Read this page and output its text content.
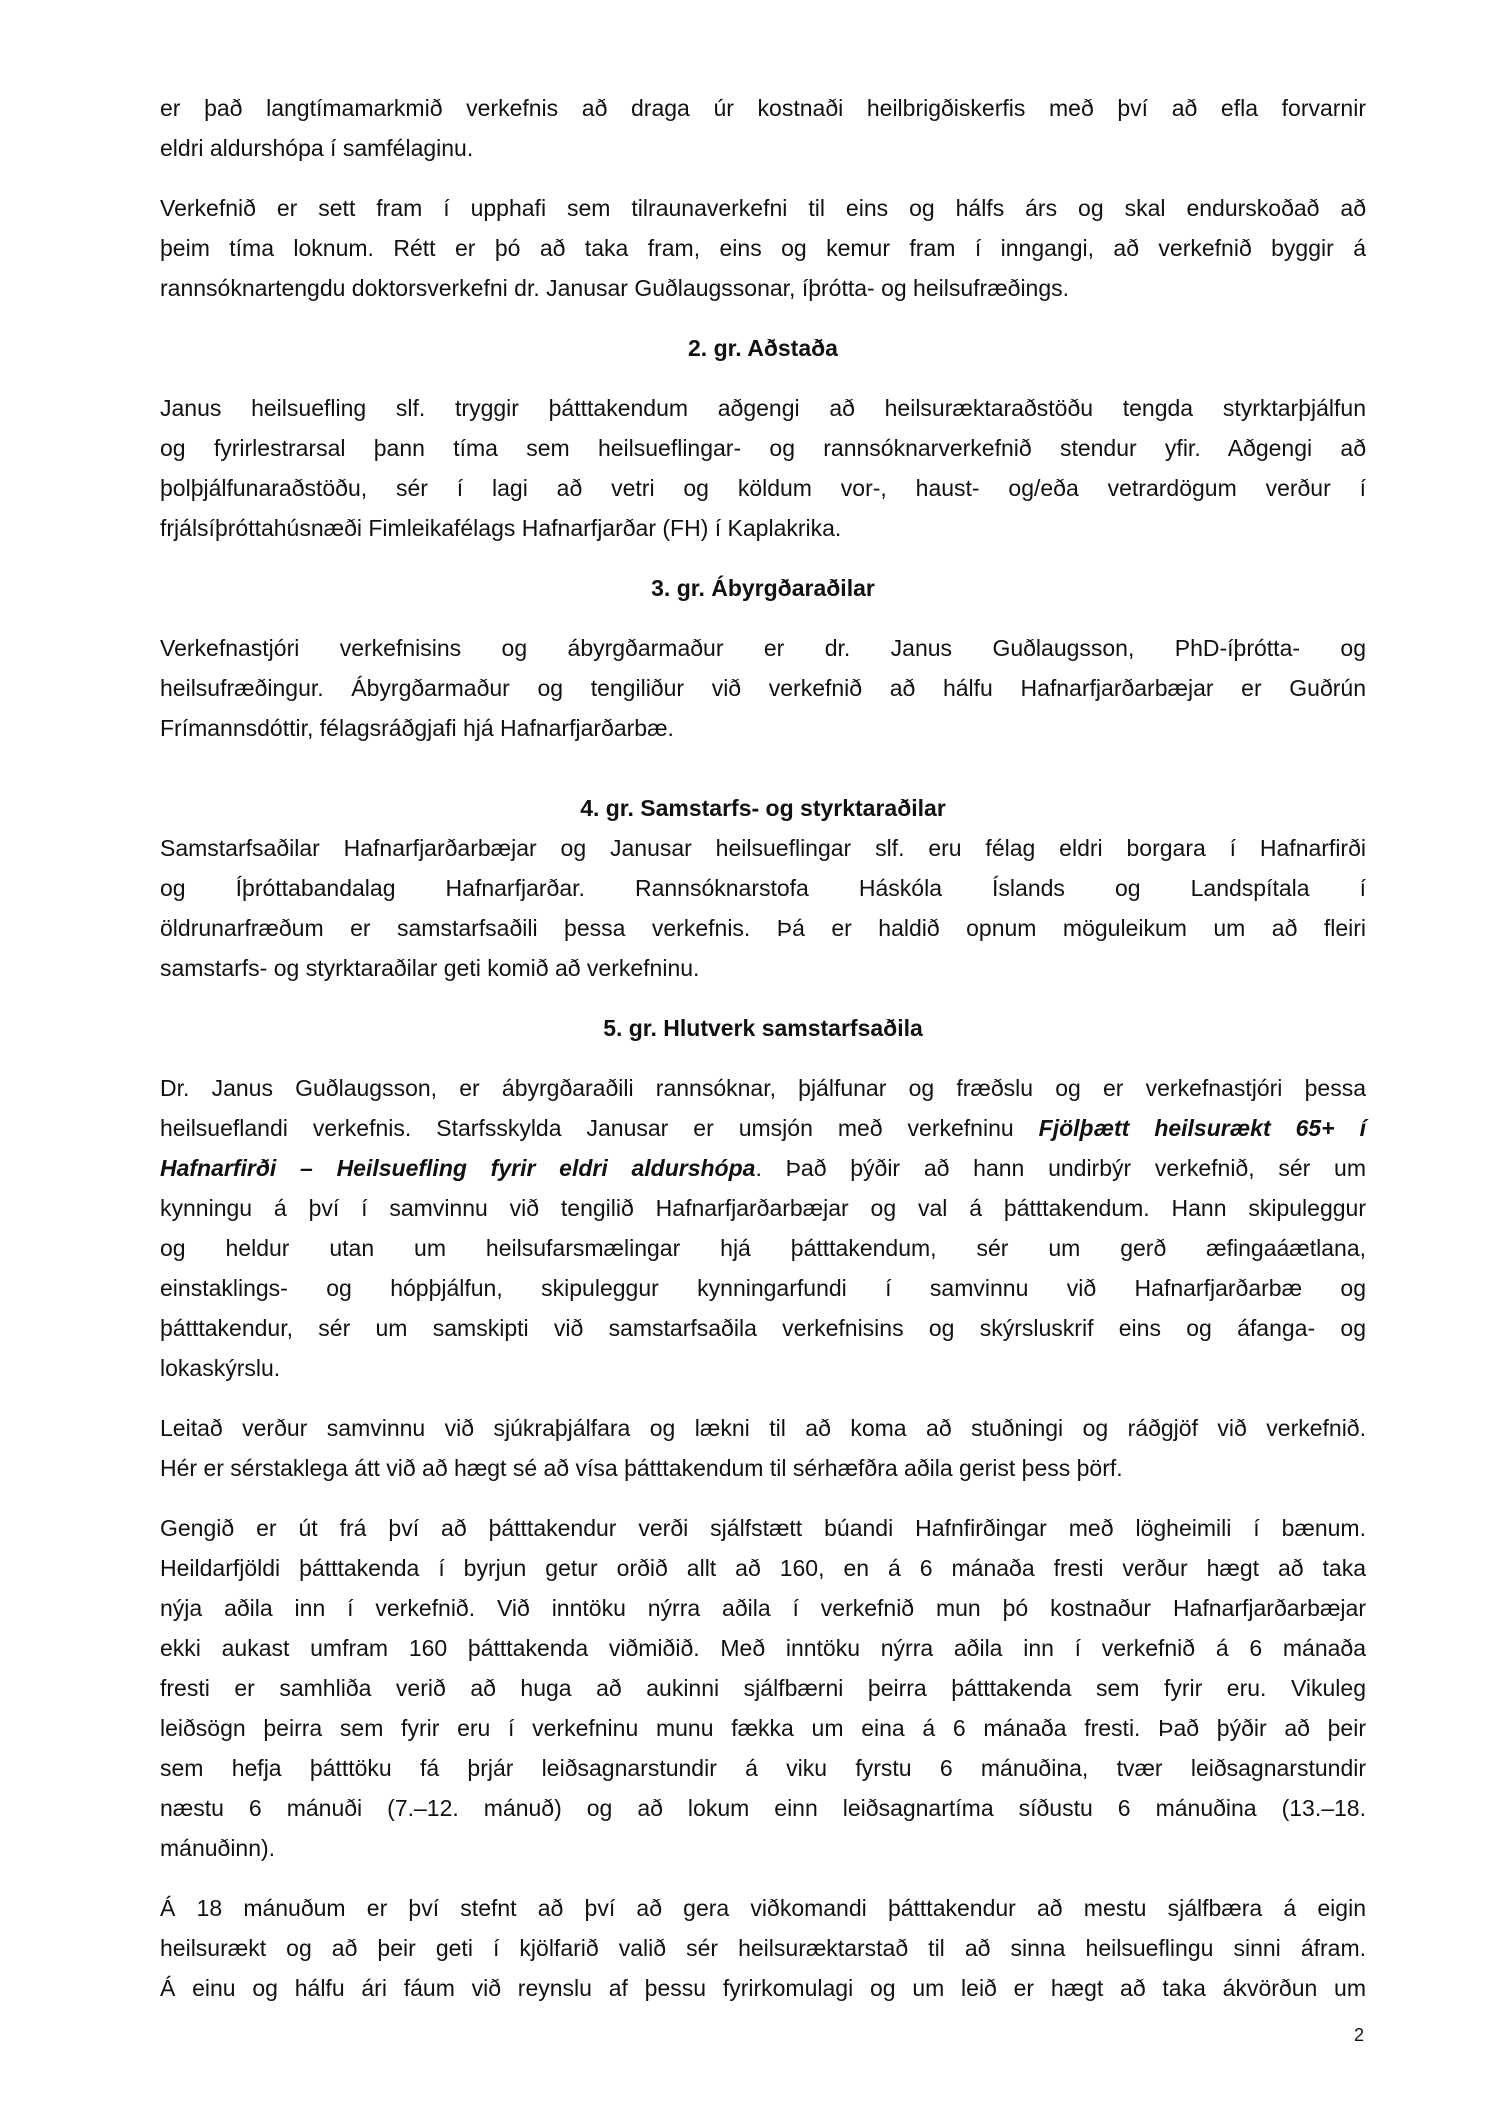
er það langtímamarkmið verkefnis að draga úr kostnaði heilbrigðiskerfis með því að efla forvarnir
eldri aldurshópa í samfélaginu.
Verkefnið er sett fram í upphafi sem tilraunaverkefni til eins og hálfs árs og skal endurskoðað að
þeim tíma loknum. Rétt er þó að taka fram, eins og kemur fram í inngangi, að verkefnið byggir á
rannsóknartengdu doktorsverkefni dr. Janusar Guðlaugssonar, íþrótta- og heilsufræðings.
2. gr. Aðstaða
Janus heilsuefling slf. tryggir þátttakendum aðgengi að heilsuræktaraðstöðu tengda styrktarþjálfun
og fyrirlestrarsal þann tíma sem heilsueflingar- og rannsóknarverkefnið stendur yfir. Aðgengi að
þolþjálfunaraðstöðu, sér í lagi að vetri og köldum vor-, haust- og/eða vetrardögum verður í
frjálsíþróttahúsnæði Fimleikafélags Hafnarfjarðar (FH) í Kaplakrika.
3. gr. Ábyrgðaraðilar
Verkefnastjóri verkefnisins og ábyrgðarmaður er dr. Janus Guðlaugsson, PhD-íþrótta- og
heilsufræðingur. Ábyrgðarmaður og tengiliður við verkefnið að hálfu Hafnarfjarðarbæjar er Guðrún
Frímannsdóttir, félagsráðgjafi hjá Hafnarfjarðarbæ.
4. gr. Samstarfs- og styrktaraðilar
Samstarfsaðilar Hafnarfjarðarbæjar og Janusar heilsueflingar slf. eru félag eldri borgara í Hafnarfirði
og Íþróttabandalag Hafnarfjarðar. Rannsóknarstofa Háskóla Íslands og Landspítala í
öldrunarfræðum er samstarfsaðili þessa verkefnis. Þá er haldið opnum möguleikum um að fleiri
samstarfs- og styrktaraðilar geti komið að verkefninu.
5. gr. Hlutverk samstarfsaðila
Dr. Janus Guðlaugsson, er ábyrgðaraðili rannsóknar, þjálfunar og fræðslu og er verkefnastjóri þessa
heilsueflandi verkefnis. Starfsskylda Janusar er umsjón með verkefninu Fjölþætt heilsurækt 65+ í
Hafnarfirði – Heilsuefling fyrir eldri aldurshópa. Það þýðir að hann undirbýr verkefnið, sér um
kynningu á því í samvinnu við tengilið Hafnarfjarðarbæjar og val á þátttakendum. Hann skipuleggur
og heldur utan um heilsufarsmælingar hjá þátttakendum, sér um gerð æfingaáætlana,
einstaklings- og hópþjálfun, skipuleggur kynningarfundi í samvinnu við Hafnarfjarðarbæ og
þátttakendur, sér um samskipti við samstarfsaðila verkefnisins og skýrsluskrif eins og áfanga- og
lokaskýrslu.
Leitað verður samvinnu við sjúkraþjálfara og lækni til að koma að stuðningi og ráðgjöf við verkefnið.
Hér er sérstaklega átt við að hægt sé að vísa þátttakendum til sérhæfðra aðila gerist þess þörf.
Gengið er út frá því að þátttakendur verði sjálfstætt búandi Hafnfirðingar með lögheimili í bænum.
Heildarfjöldi þátttakenda í byrjun getur orðið allt að 160, en á 6 mánaða fresti verður hægt að taka
nýja aðila inn í verkefnið. Við inntöku nýrra aðila í verkefnið mun þó kostnaður Hafnarfjarðarbæjar
ekki aukast umfram 160 þátttakenda viðmiðið. Með inntöku nýrra aðila inn í verkefnið á 6 mánaða
fresti er samhliða verið að huga að aukinni sjálfbærni þeirra þátttakenda sem fyrir eru. Vikuleg
leiðsögn þeirra sem fyrir eru í verkefninu munu fækka um eina á 6 mánaða fresti. Það þýðir að þeir
sem hefja þátttöku fá þrjár leiðsagnarstundir á viku fyrstu 6 mánuðina, tvær leiðsagnarstundir
næstu 6 mánuði (7.–12. mánuð) og að lokum einn leiðsagnartíma síðustu 6 mánuðina (13.–18.
mánuðinn).
Á 18 mánuðum er því stefnt að því að gera viðkomandi þátttakendur að mestu sjálfbæra á eigin
heilsurækt og að þeir geti í kjölfarið valið sér heilsuræktarstað til að sinna heilsueflingu sinni áfram.
Á einu og hálfu ári fáum við reynslu af þessu fyrirkomulagi og um leið er hægt að taka ákvörðun um
2
